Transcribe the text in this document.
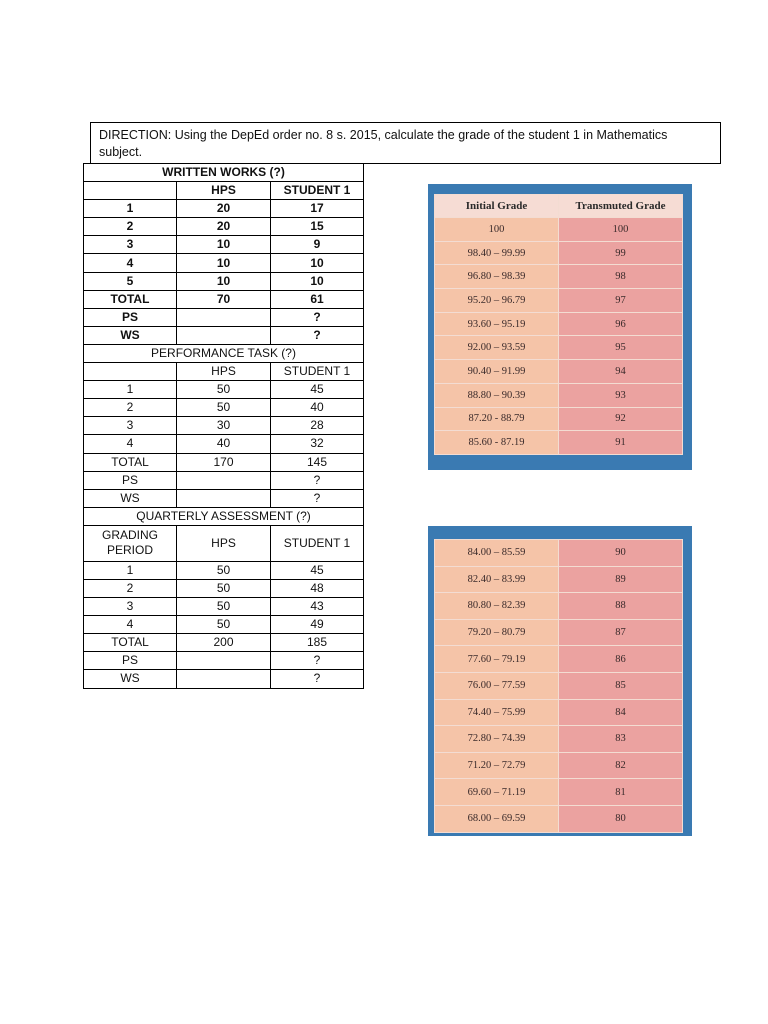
DIRECTION: Using the DepEd order no. 8 s. 2015, calculate the grade of the student 1 in Mathematics subject.
WRITTEN WORKS (?)		
	HPS	STUDENT 1
1	20	17
2	20	15
3	10	9
4	10	10
5	10	10
TOTAL	70	61
PS		?
WS		?
PERFORMANCE TASK (?)		
	HPS	STUDENT 1
1	50	45
2	50	40
3	30	28
4	40	32
TOTAL	170	145
PS		?
WS		?
QUARTERLY ASSESSMENT (?)		
GRADING PERIOD	HPS	STUDENT 1
1	50	45
2	50	48
3	50	43
4	50	49
TOTAL	200	185
PS		?
WS		?
Initial Grade	Transmuted Grade
100	100
98.40 – 99.99	99
96.80 – 98.39	98
95.20 – 96.79	97
93.60 – 95.19	96
92.00 – 93.59	95
90.40 – 91.99	94
88.80 – 90.39	93
87.20 - 88.79	92
85.60 - 87.19	91
84.00 – 85.59	90
82.40 – 83.99	89
80.80 – 82.39	88
79.20 – 80.79	87
77.60 – 79.19	86
76.00 – 77.59	85
74.40 – 75.99	84
72.80 – 74.39	83
71.20 – 72.79	82
69.60 – 71.19	81
68.00 – 69.59	80
